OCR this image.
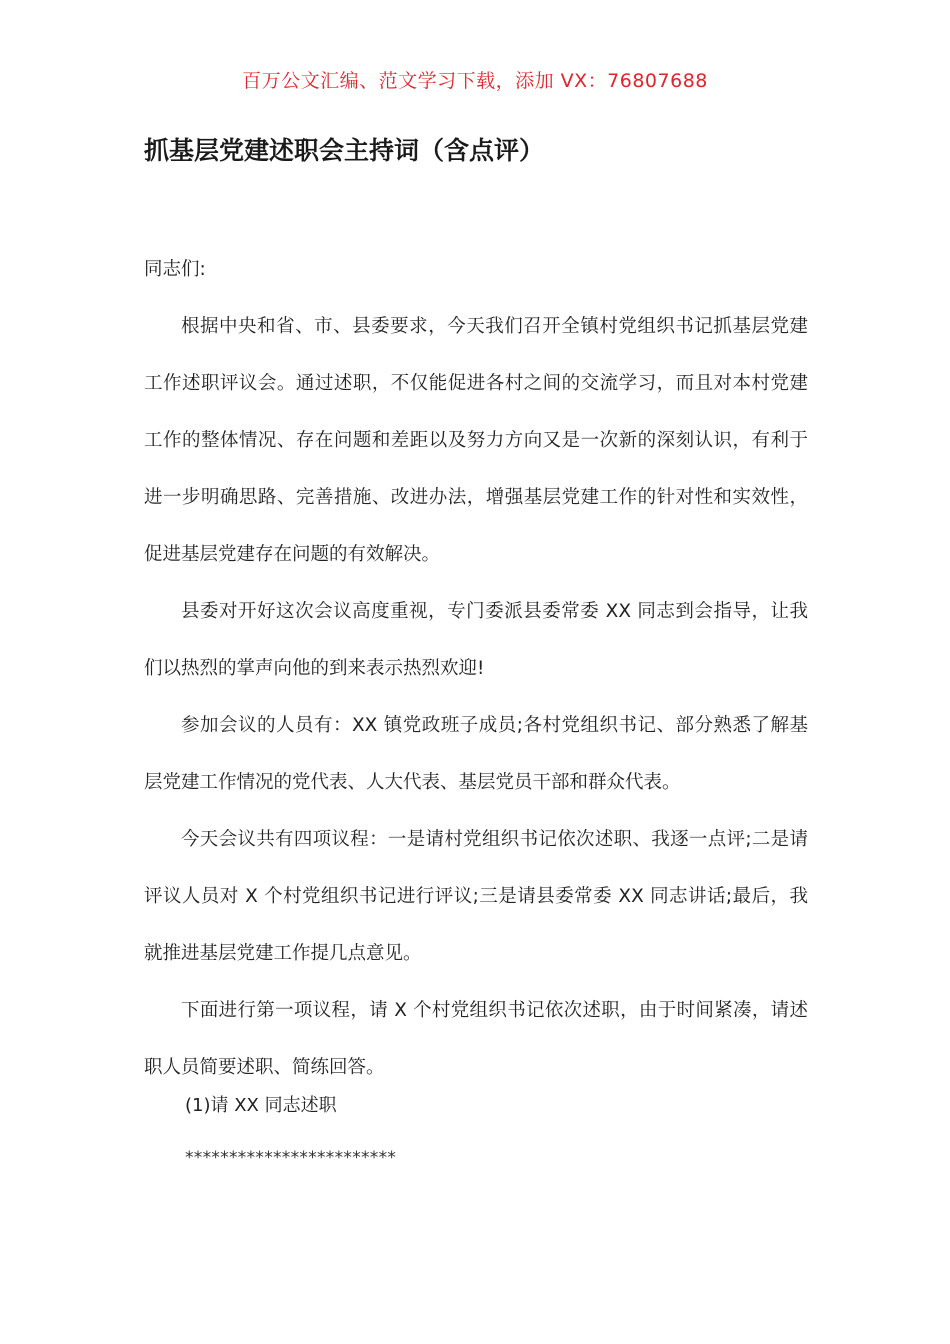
百万公文汇编、范文学习下载，添加 VX：76807688
抓基层党建述职会主持词（含点评）

同志们:

根据中央和省、市、县委要求，今天我们召开全镇村党组织书记抓基层党建工作述职评议会。通过述职，不仅能促进各村之间的交流学习，而且对本村党建工作的整体情况、存在问题和差距以及努力方向又是一次新的深刻认识，有利于进一步明确思路、完善措施、改进办法，增强基层党建工作的针对性和实效性，促进基层党建存在问题的有效解决。

县委对开好这次会议高度重视，专门委派县委常委 XX 同志到会指导，让我们以热烈的掌声向他的到来表示热烈欢迎!

参加会议的人员有：XX 镇党政班子成员;各村党组织书记、部分熟悉了解基层党建工作情况的党代表、人大代表、基层党员干部和群众代表。

今天会议共有四项议程：一是请村党组织书记依次述职、我逐一点评;二是请评议人员对 X 个村党组织书记进行评议;三是请县委常委 XX 同志讲话;最后，我就推进基层党建工作提几点意见。

下面进行第一项议程，请 X 个村党组织书记依次述职，由于时间紧凑，请述职人员简要述职、简练回答。

(1)请 XX 同志述职
************************
